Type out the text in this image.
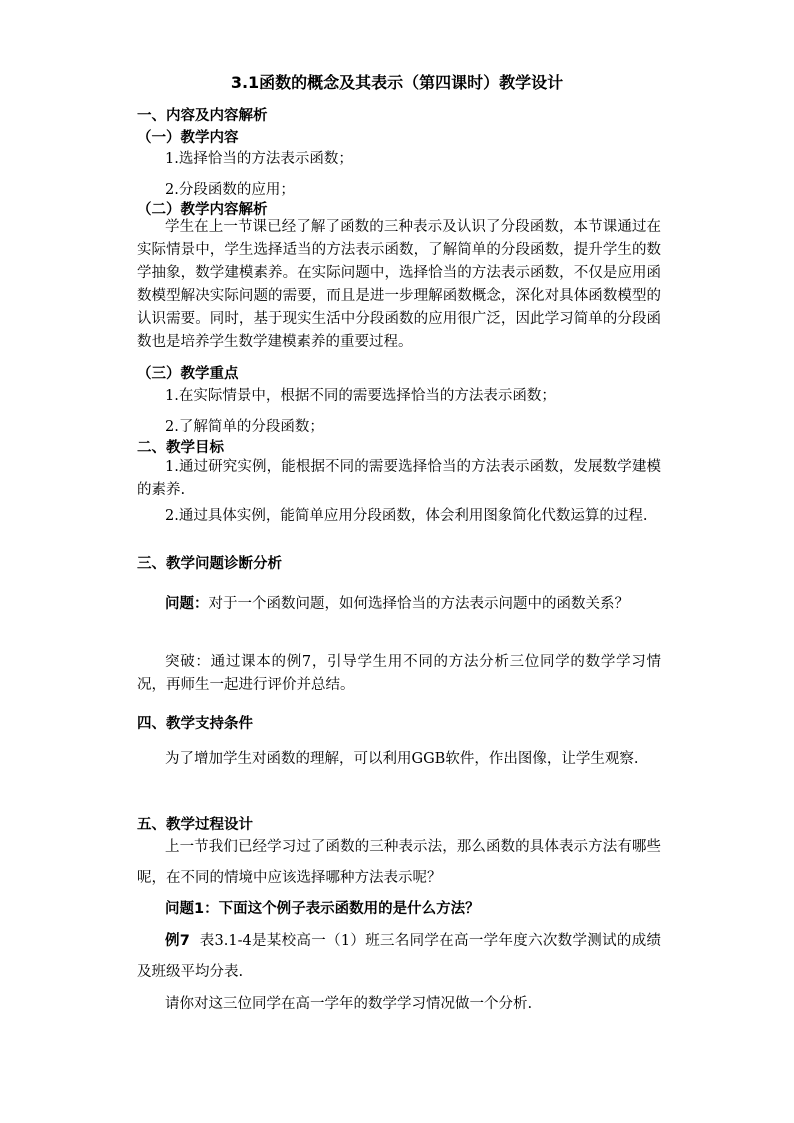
3.1函数的概念及其表示（第四课时）教学设计
一、内容及内容解析
（一）教学内容
1.选择恰当的方法表示函数；
2.分段函数的应用；
（二）教学内容解析
学生在上一节课已经了解了函数的三种表示及认识了分段函数，本节课通过在实际情景中，学生选择适当的方法表示函数，了解简单的分段函数，提升学生的数学抽象，数学建模素养。在实际问题中，选择恰当的方法表示函数，不仅是应用函数模型解决实际问题的需要，而且是进一步理解函数概念，深化对具体函数模型的认识需要。同时，基于现实生活中分段函数的应用很广泛，因此学习简单的分段函数也是培养学生数学建模素养的重要过程。
（三）教学重点
1.在实际情景中，根据不同的需要选择恰当的方法表示函数；
2.了解简单的分段函数；
二、教学目标
1.通过研究实例，能根据不同的需要选择恰当的方法表示函数，发展数学建模的素养.
2.通过具体实例，能简单应用分段函数，体会利用图象简化代数运算的过程.
三、教学问题诊断分析
问题：对于一个函数问题，如何选择恰当的方法表示问题中的函数关系？
突破：通过课本的例7，引导学生用不同的方法分析三位同学的数学学习情况，再师生一起进行评价并总结。
四、教学支持条件
为了增加学生对函数的理解，可以利用GGB软件，作出图像，让学生观察.
五、教学过程设计
上一节我们已经学习过了函数的三种表示法，那么函数的具体表示方法有哪些呢，在不同的情境中应该选择哪种方法表示呢？
问题1：下面这个例子表示函数用的是什么方法？
例7 表3.1-4是某校高一（1）班三名同学在高一学年度六次数学测试的成绩及班级平均分表.
请你对这三位同学在高一学年的数学学习情况做一个分析.
